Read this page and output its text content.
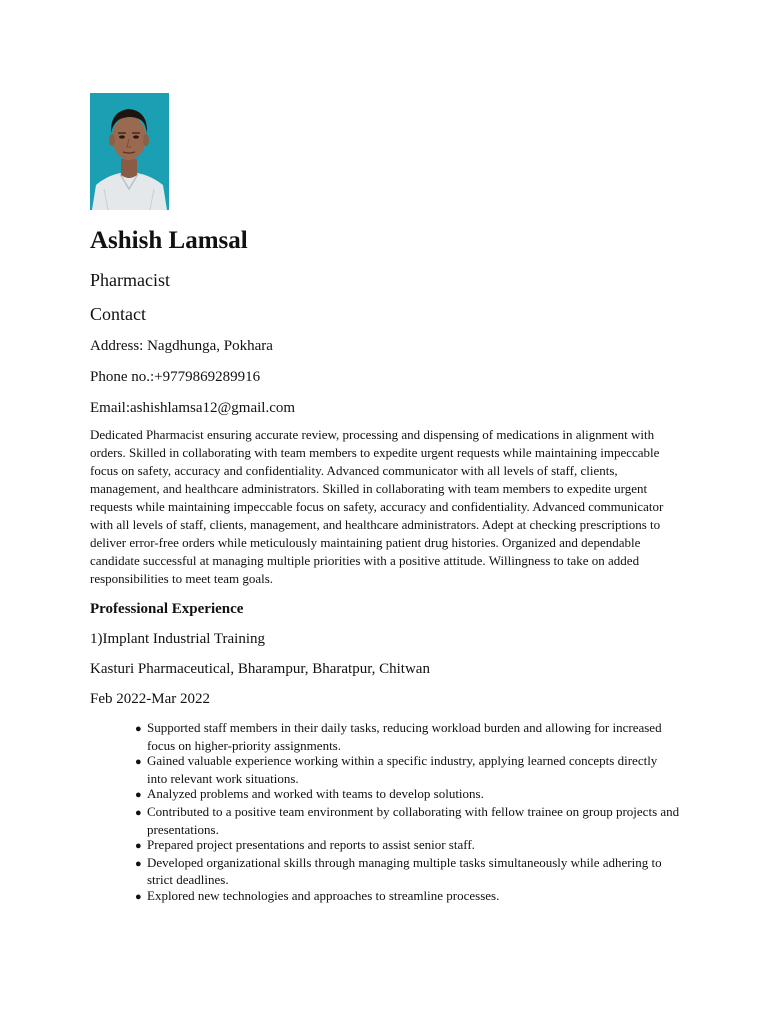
Ashish Lamsal
Pharmacist
Contact
Address: Nagdhunga, Pokhara
Phone no.:+9779869289916
Email:ashishlamsa12@gmail.com

Dedicated Pharmacist ensuring accurate review, processing and dispensing of medications in alignment with orders. Skilled in collaborating with team members to expedite urgent requests while maintaining impeccable focus on safety, accuracy and confidentiality. Advanced communicator with all levels of staff, clients, management, and healthcare administrators. Skilled in collaborating with team members to expedite urgent requests while maintaining impeccable focus on safety, accuracy and confidentiality. Advanced communicator with all levels of staff, clients, management, and healthcare administrators. Adept at checking prescriptions to deliver error-free orders while meticulously maintaining patient drug histories. Organized and dependable candidate successful at managing multiple priorities with a positive attitude. Willingness to take on added responsibilities to meet team goals.

Professional Experience
1)Implant Industrial Training
Kasturi Pharmaceutical, Bharampur, Bharatpur, Chitwan
Feb 2022-Mar 2022
● Supported staff members in their daily tasks, reducing workload burden and allowing for increased focus on higher-priority assignments.
● Gained valuable experience working within a specific industry, applying learned concepts directly into relevant work situations.
● Analyzed problems and worked with teams to develop solutions.
● Contributed to a positive team environment by collaborating with fellow trainee on group projects and presentations.
● Prepared project presentations and reports to assist senior staff.
● Developed organizational skills through managing multiple tasks simultaneously while adhering to strict deadlines.
● Explored new technologies and approaches to streamline processes.
